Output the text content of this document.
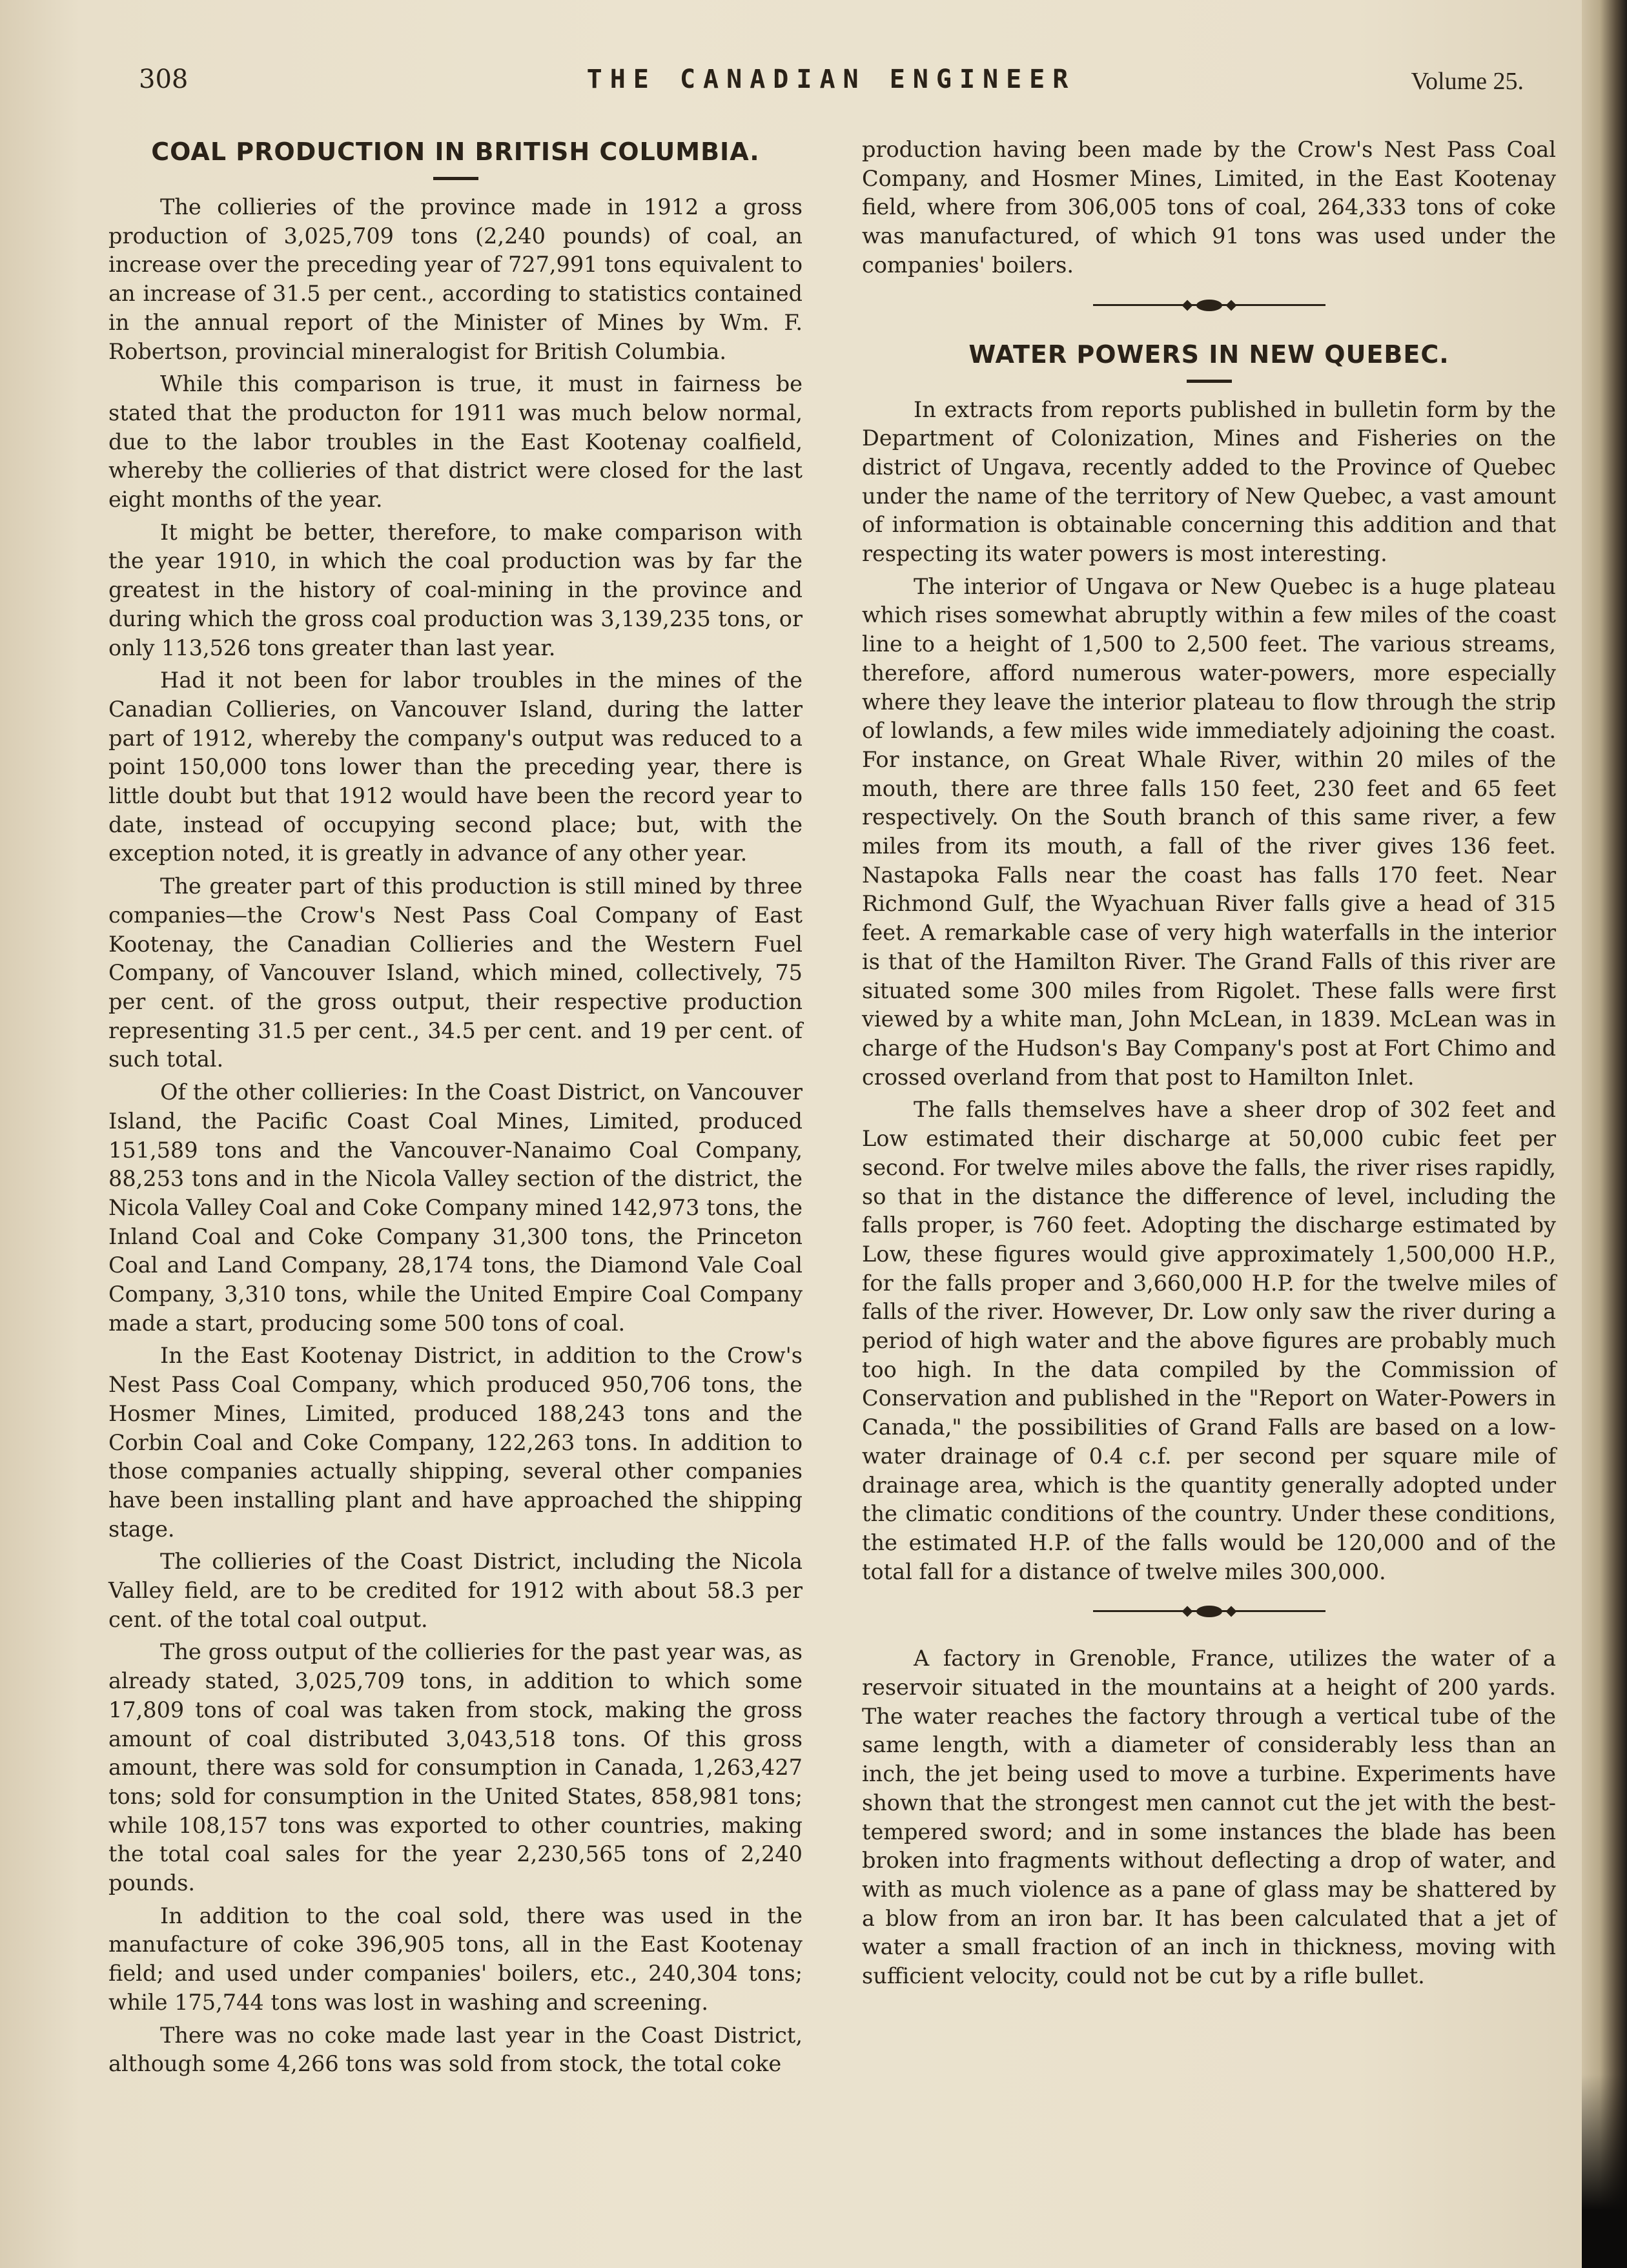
308	THE CANADIAN ENGINEER	Volume 25.
COAL PRODUCTION IN BRITISH COLUMBIA.

The collieries of the province made in 1912 a gross production of 3,025,709 tons (2,240 pounds) of coal, an increase over the preceding year of 727,991 tons equivalent to an increase of 31.5 per cent., according to statistics contained in the annual report of the Minister of Mines by Wm. F. Robertson, provincial mineralogist for British Columbia.

While this comparison is true, it must in fairness be stated that the producton for 1911 was much below normal, due to the labor troubles in the East Kootenay coalfield, whereby the collieries of that district were closed for the last eight months of the year.

It might be better, therefore, to make comparison with the year 1910, in which the coal production was by far the greatest in the history of coal-mining in the province and during which the gross coal production was 3,139,235 tons, or only 113,526 tons greater than last year.

Had it not been for labor troubles in the mines of the Canadian Collieries, on Vancouver Island, during the latter part of 1912, whereby the company's output was reduced to a point 150,000 tons lower than the preceding year, there is little doubt but that 1912 would have been the record year to date, instead of occupying second place; but, with the exception noted, it is greatly in advance of any other year.

The greater part of this production is still mined by three companies—the Crow's Nest Pass Coal Company of East Kootenay, the Canadian Collieries and the Western Fuel Company, of Vancouver Island, which mined, collectively, 75 per cent. of the gross output, their respective production representing 31.5 per cent., 34.5 per cent. and 19 per cent. of such total.

Of the other collieries: In the Coast District, on Vancouver Island, the Pacific Coast Coal Mines, Limited, produced 151,589 tons and the Vancouver-Nanaimo Coal Company, 88,253 tons and in the Nicola Valley section of the district, the Nicola Valley Coal and Coke Company mined 142,973 tons, the Inland Coal and Coke Company 31,300 tons, the Princeton Coal and Land Company, 28,174 tons, the Diamond Vale Coal Company, 3,310 tons, while the United Empire Coal Company made a start, producing some 500 tons of coal.

In the East Kootenay District, in addition to the Crow's Nest Pass Coal Company, which produced 950,706 tons, the Hosmer Mines, Limited, produced 188,243 tons and the Corbin Coal and Coke Company, 122,263 tons. In addition to those companies actually shipping, several other companies have been installing plant and have approached the shipping stage.

The collieries of the Coast District, including the Nicola Valley field, are to be credited for 1912 with about 58.3 per cent. of the total coal output.

The gross output of the collieries for the past year was, as already stated, 3,025,709 tons, in addition to which some 17,809 tons of coal was taken from stock, making the gross amount of coal distributed 3,043,518 tons. Of this gross amount, there was sold for consumption in Canada, 1,263,427 tons; sold for consumption in the United States, 858,981 tons; while 108,157 tons was exported to other countries, making the total coal sales for the year 2,230,565 tons of 2,240 pounds.

In addition to the coal sold, there was used in the manufacture of coke 396,905 tons, all in the East Kootenay field; and used under companies' boilers, etc., 240,304 tons; while 175,744 tons was lost in washing and screening.

There was no coke made last year in the Coast District, although some 4,266 tons was sold from stock, the total coke

production having been made by the Crow's Nest Pass Coal Company, and Hosmer Mines, Limited, in the East Kootenay field, where from 306,005 tons of coal, 264,333 tons of coke was manufactured, of which 91 tons was used under the companies' boilers.

WATER POWERS IN NEW QUEBEC.

In extracts from reports published in bulletin form by the Department of Colonization, Mines and Fisheries on the district of Ungava, recently added to the Province of Quebec under the name of the territory of New Quebec, a vast amount of information is obtainable concerning this addition and that respecting its water powers is most interesting.

The interior of Ungava or New Quebec is a huge plateau which rises somewhat abruptly within a few miles of the coast line to a height of 1,500 to 2,500 feet. The various streams, therefore, afford numerous water-powers, more especially where they leave the interior plateau to flow through the strip of lowlands, a few miles wide immediately adjoining the coast. For instance, on Great Whale River, within 20 miles of the mouth, there are three falls 150 feet, 230 feet and 65 feet respectively. On the South branch of this same river, a few miles from its mouth, a fall of the river gives 136 feet. Nastapoka Falls near the coast has falls 170 feet. Near Richmond Gulf, the Wyachuan River falls give a head of 315 feet. A remarkable case of very high waterfalls in the interior is that of the Hamilton River. The Grand Falls of this river are situated some 300 miles from Rigolet. These falls were first viewed by a white man, John McLean, in 1839. McLean was in charge of the Hudson's Bay Company's post at Fort Chimo and crossed overland from that post to Hamilton Inlet.

The falls themselves have a sheer drop of 302 feet and Low estimated their discharge at 50,000 cubic feet per second. For twelve miles above the falls, the river rises rapidly, so that in the distance the difference of level, including the falls proper, is 760 feet. Adopting the discharge estimated by Low, these figures would give approximately 1,500,000 H.P., for the falls proper and 3,660,000 H.P. for the twelve miles of falls of the river. However, Dr. Low only saw the river during a period of high water and the above figures are probably much too high. In the data compiled by the Commission of Conservation and published in the "Report on Water-Powers in Canada," the possibilities of Grand Falls are based on a low-water drainage of 0.4 c.f. per second per square mile of drainage area, which is the quantity generally adopted under the climatic conditions of the country. Under these conditions, the estimated H.P. of the falls would be 120,000 and of the total fall for a distance of twelve miles 300,000.

A factory in Grenoble, France, utilizes the water of a reservoir situated in the mountains at a height of 200 yards. The water reaches the factory through a vertical tube of the same length, with a diameter of considerably less than an inch, the jet being used to move a turbine. Experiments have shown that the strongest men cannot cut the jet with the best-tempered sword; and in some instances the blade has been broken into fragments without deflecting a drop of water, and with as much violence as a pane of glass may be shattered by a blow from an iron bar. It has been calculated that a jet of water a small fraction of an inch in thickness, moving with sufficient velocity, could not be cut by a rifle bullet.
